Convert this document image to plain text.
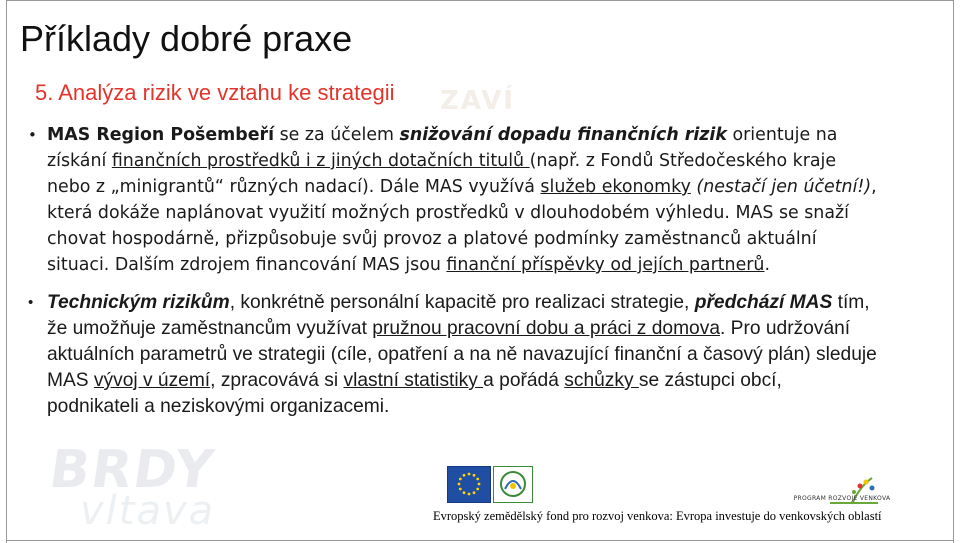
ZAVÍ
BRDY
vltava
Příklady dobré praxe
5. Analýza rizik ve vztahu ke strategii
• MAS Region Pošembeří se za účelem snižování dopadu finančních rizik orientuje na získání finančních prostředků i z jiných dotačních titulů (např. z Fondů Středočeského kraje nebo z „minigrantů“ různých nadací). Dále MAS využívá služeb ekonomky (nestačí jen účetní!), která dokáže naplánovat využití možných prostředků v dlouhodobém výhledu. MAS se snaží chovat hospodárně, přizpůsobuje svůj provoz a platové podmínky zaměstnanců aktuální situaci. Dalším zdrojem financování MAS jsou finanční příspěvky od jejích partnerů.
• Technickým rizikům, konkrétně personální kapacitě pro realizaci strategie, předchází MAS tím, že umožňuje zaměstnancům využívat pružnou pracovní dobu a práci z domova. Pro udržování aktuálních parametrů ve strategii (cíle, opatření a na ně navazující finanční a časový plán) sleduje MAS vývoj v území, zpracovává si vlastní statistiky a pořádá schůzky se zástupci obcí, podnikateli a neziskovými organizacemi.
PROGRAM ROZVOJE VENKOVA
Evropský zemědělský fond pro rozvoj venkova: Evropa investuje do venkovských oblastí
